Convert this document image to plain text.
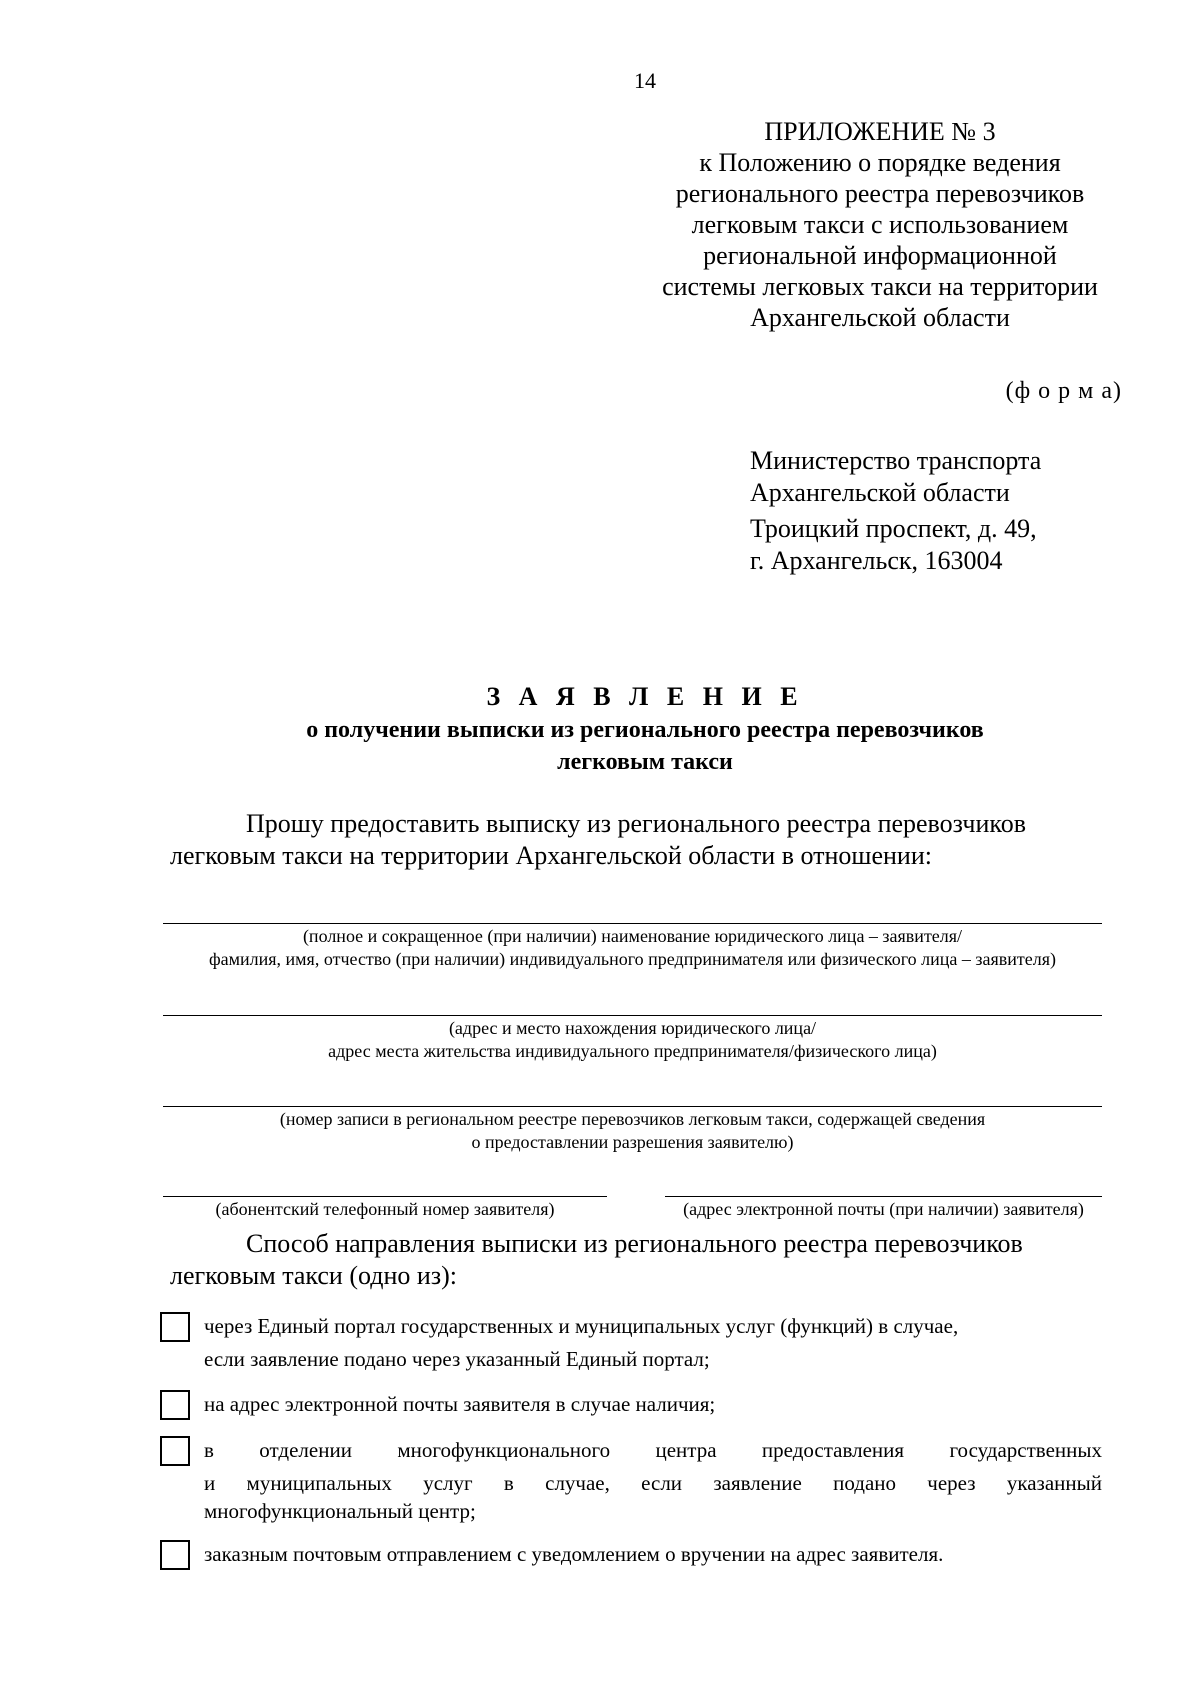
14
ПРИЛОЖЕНИЕ № 3
к Положению о порядке ведения
регионального реестра перевозчиков
легковым такси с использованием
региональной информационной
системы легковых такси на территории
Архангельской области
(ф о р м а)
Министерство транспорта
Архангельской области
Троицкий проспект, д. 49,
г. Архангельск, 163004
З А Я В Л Е Н И Е
о получении выписки из регионального реестра перевозчиков
легковым такси
Прошу предоставить выписку из регионального реестра перевозчиков
легковым такси на территории Архангельской области в отношении:
(полное и сокращенное (при наличии) наименование юридического лица – заявителя/
фамилия, имя, отчество (при наличии) индивидуального предпринимателя или физического лица – заявителя)
(адрес и место нахождения юридического лица/
адрес места жительства индивидуального предпринимателя/физического лица)
(номер записи в региональном реестре перевозчиков легковым такси, содержащей сведения
о предоставлении разрешения заявителю)
(абонентский телефонный номер заявителя)	(адрес электронной почты (при наличии) заявителя)
Способ направления выписки из регионального реестра перевозчиков
легковым такси (одно из):
через Единый портал государственных и муниципальных услуг (функций) в случае,
если заявление подано через указанный Единый портал;
на адрес электронной почты заявителя в случае наличия;
в отделении многофункционального центра предоставления государственных
и муниципальных услуг в случае, если заявление подано через указанный
многофункциональный центр;
заказным почтовым отправлением с уведомлением о вручении на адрес заявителя.
